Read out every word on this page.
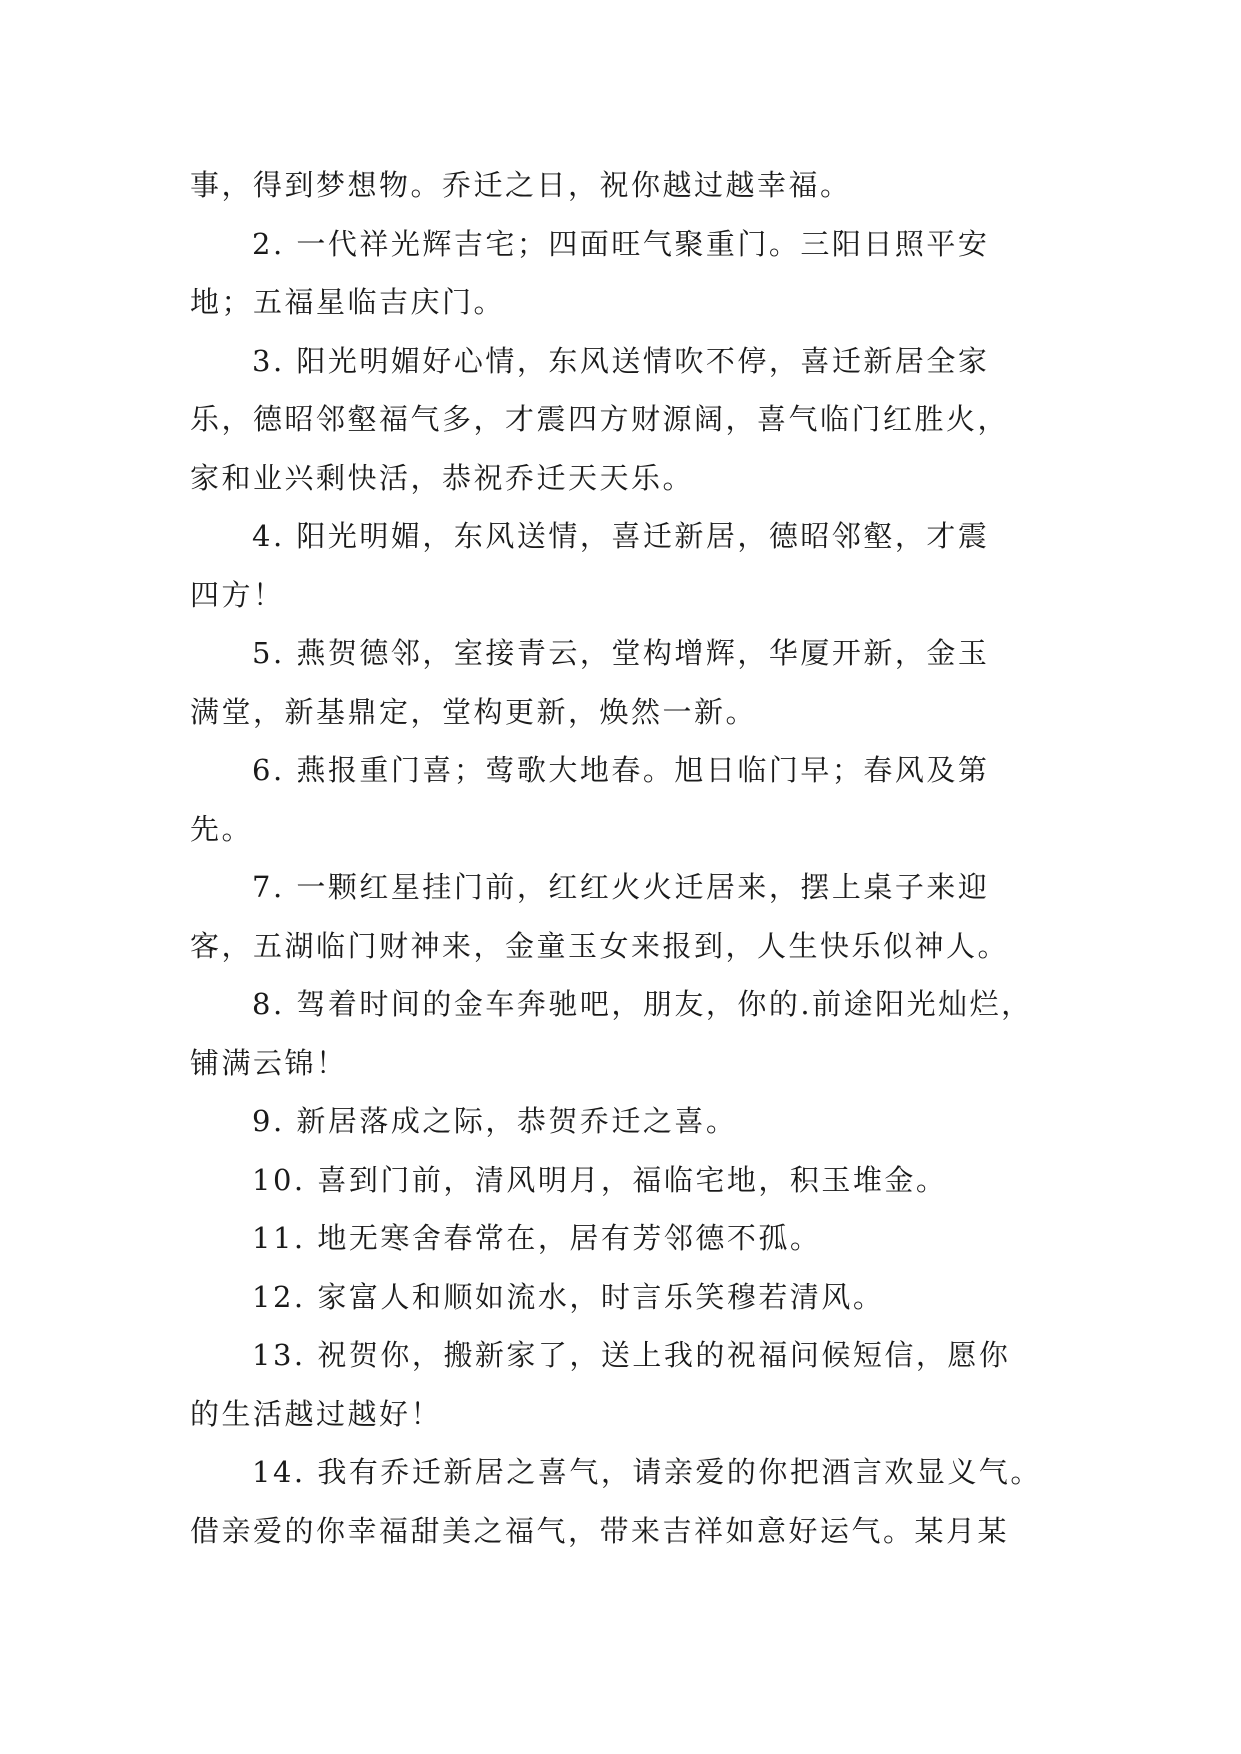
事，得到梦想物。乔迁之日，祝你越过越幸福。
2. 一代祥光辉吉宅；四面旺气聚重门。三阳日照平安
地；五福星临吉庆门。
3. 阳光明媚好心情，东风送情吹不停，喜迁新居全家
乐，德昭邻壑福气多，才震四方财源阔，喜气临门红胜火，
家和业兴剩快活，恭祝乔迁天天乐。
4. 阳光明媚，东风送情，喜迁新居，德昭邻壑，才震
四方！
5. 燕贺德邻，室接青云，堂构增辉，华厦开新，金玉
满堂，新基鼎定，堂构更新，焕然一新。
6. 燕报重门喜；莺歌大地春。旭日临门早；春风及第
先。
7. 一颗红星挂门前，红红火火迁居来，摆上桌子来迎
客，五湖临门财神来，金童玉女来报到，人生快乐似神人。
8. 驾着时间的金车奔驰吧，朋友，你的.前途阳光灿烂，
铺满云锦！
9. 新居落成之际，恭贺乔迁之喜。
10. 喜到门前，清风明月，福临宅地，积玉堆金。
11. 地无寒舍春常在，居有芳邻德不孤。
12. 家富人和顺如流水，时言乐笑穆若清风。
13. 祝贺你，搬新家了，送上我的祝福问候短信，愿你
的生活越过越好！
14. 我有乔迁新居之喜气，请亲爱的你把酒言欢显义气。
借亲爱的你幸福甜美之福气，带来吉祥如意好运气。某月某
